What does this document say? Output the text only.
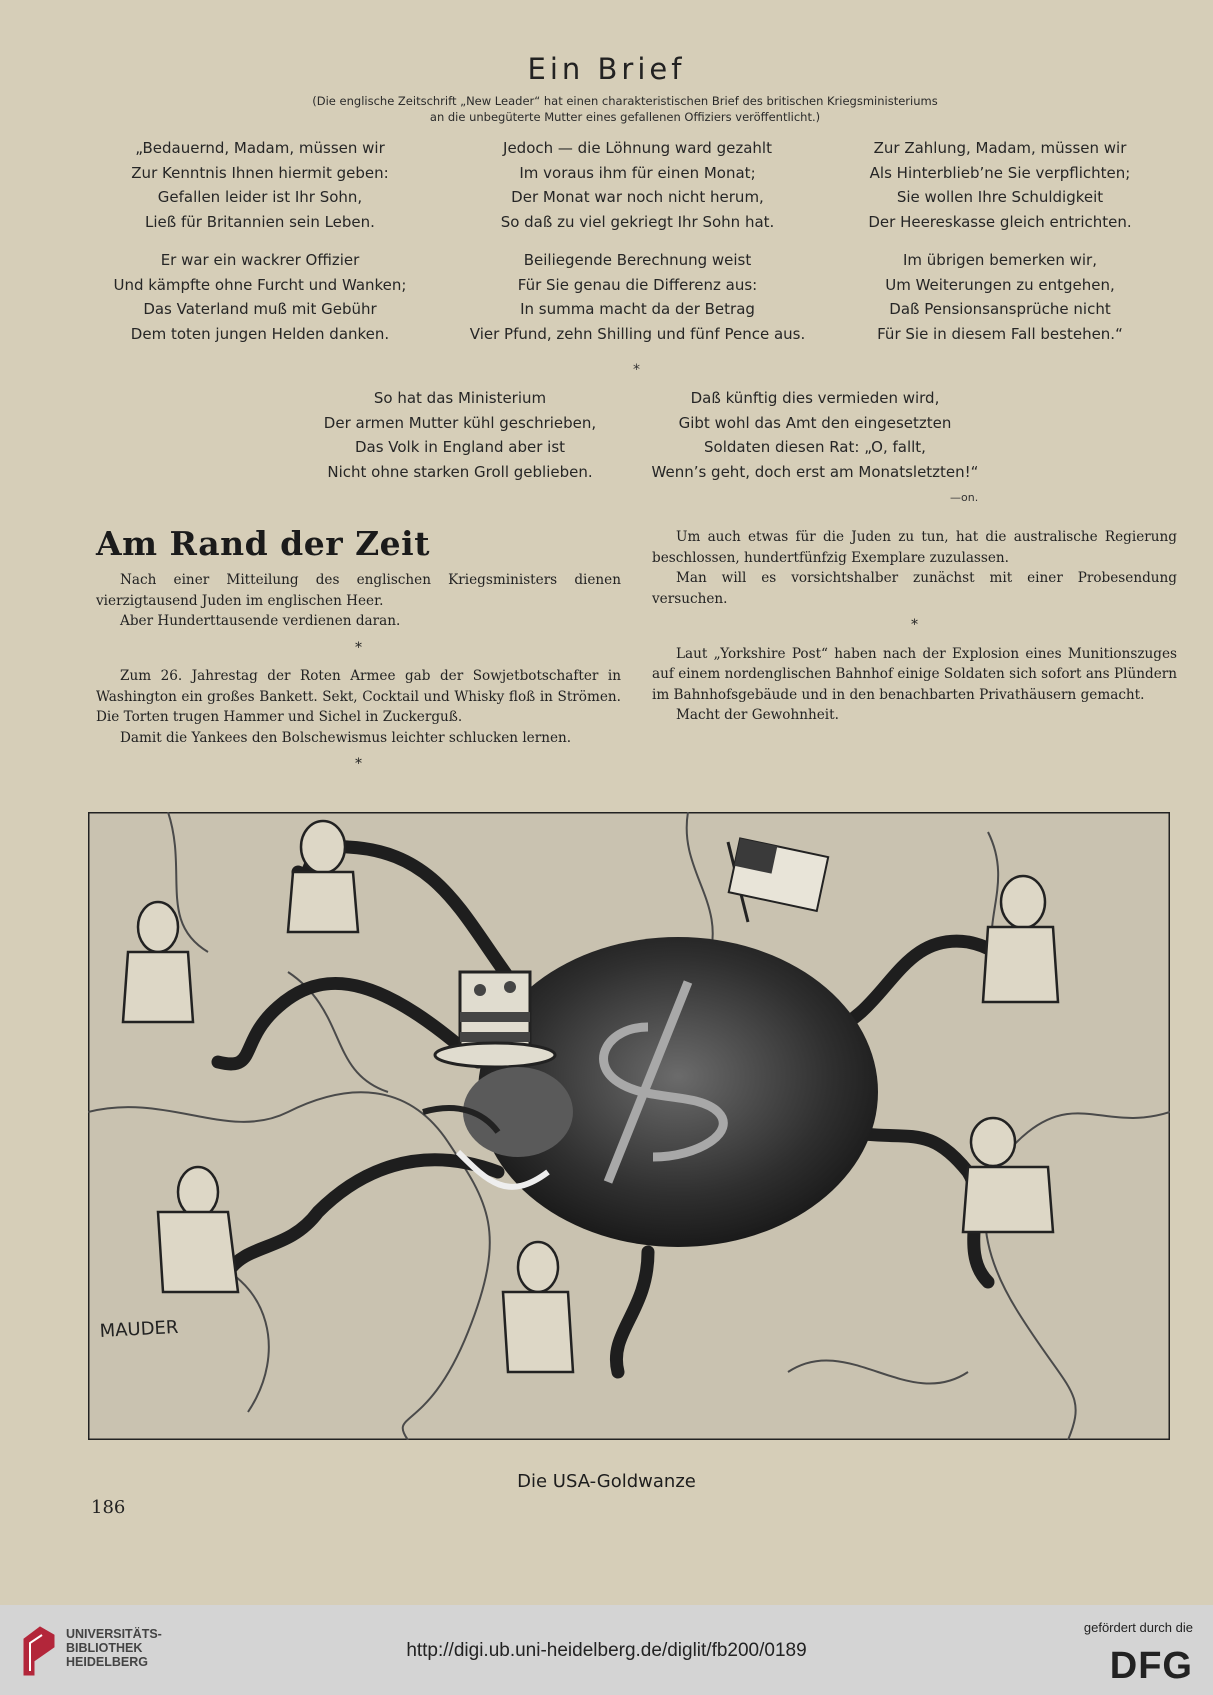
Ein Brief
(Die englische Zeitschrift „New Leader“ hat einen charakteristischen Brief des britischen Kriegsministeriums
an die unbegüterte Mutter eines gefallenen Offiziers veröffentlicht.)
„Bedauernd, Madam, müssen wir
Zur Kenntnis Ihnen hiermit geben:
Gefallen leider ist Ihr Sohn,
Ließ für Britannien sein Leben.
Er war ein wackrer Offizier
Und kämpfte ohne Furcht und Wanken;
Das Vaterland muß mit Gebühr
Dem toten jungen Helden danken.
Jedoch — die Löhnung ward gezahlt
Im voraus ihm für einen Monat;
Der Monat war noch nicht herum,
So daß zu viel gekriegt Ihr Sohn hat.
Beiliegende Berechnung weist
Für Sie genau die Differenz aus:
In summa macht da der Betrag
Vier Pfund, zehn Shilling und fünf Pence aus.
Zur Zahlung, Madam, müssen wir
Als Hinterblieb’ne Sie verpflichten;
Sie wollen Ihre Schuldigkeit
Der Heereskasse gleich entrichten.
Im übrigen bemerken wir,
Um Weiterungen zu entgehen,
Daß Pensionsansprüche nicht
Für Sie in diesem Fall bestehen.“
*
So hat das Ministerium
Der armen Mutter kühl geschrieben,
Das Volk in England aber ist
Nicht ohne starken Groll geblieben.
Daß künftig dies vermieden wird,
Gibt wohl das Amt den eingesetzten
Soldaten diesen Rat: „O, fallt,
Wenn’s geht, doch erst am Monatsletzten!“
—on.
Am Rand der Zeit

Nach einer Mitteilung des englischen Kriegsministers dienen vierzigtausend Juden im englischen Heer.

Aber Hunderttausende verdienen daran.

*

Zum 26. Jahrestag der Roten Armee gab der Sowjetbotschafter in Washington ein großes Bankett. Sekt, Cocktail und Whisky floß in Strömen. Die Torten trugen Hammer und Sichel in Zuckerguß.

Damit die Yankees den Bolschewismus leichter schlucken lernen.

*

Um auch etwas für die Juden zu tun, hat die australische Regierung beschlossen, hundertfünfzig Exemplare zuzulassen.

Man will es vorsichtshalber zunächst mit einer Probesendung versuchen.

*

Laut „Yorkshire Post“ haben nach der Explosion eines Munitionszuges auf einem nordenglischen Bahnhof einige Soldaten sich sofort ans Plündern im Bahnhofsgebäude und in den benachbarten Privathäusern gemacht.

Macht der Gewohnheit.

MAUDER
Die USA-Goldwanze
186
UNIVERSITÄTS-
BIBLIOTHEK
HEIDELBERG
http://digi.ub.uni-heidelberg.de/diglit/fb200/0189
gefördert durch die
DFG
